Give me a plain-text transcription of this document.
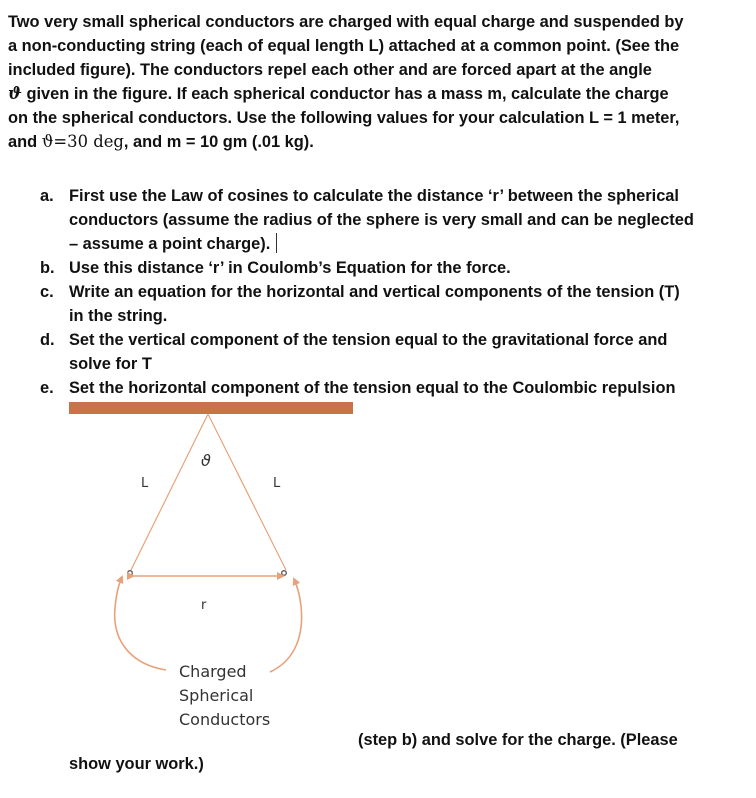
Two very small spherical conductors are charged with equal charge and suspended by
a non-conducting string (each of equal length L) attached at a common point. (See the
included figure). The conductors repel each other and are forced apart at the angle
ϑ given in the figure. If each spherical conductor has a mass m, calculate the charge
on the spherical conductors. Use the following values for your calculation L = 1 meter,
and ϑ=30 deg, and m = 10 gm (.01 kg).
a. First use the Law of cosines to calculate the distance ‘r’ between the spherical
conductors (assume the radius of the sphere is very small and can be neglected
– assume a point charge).
b. Use this distance ‘r’ in Coulomb’s Equation for the force.
c. Write an equation for the horizontal and vertical components of the tension (T)
in the string.
d. Set the vertical component of the tension equal to the gravitational force and
solve for T
e. Set the horizontal component of the tension equal to the Coulombic repulsion
ϑ
L	L
r
Charged
Spherical
Conductors
(step b) and solve for the charge. (Please
show your work.)
